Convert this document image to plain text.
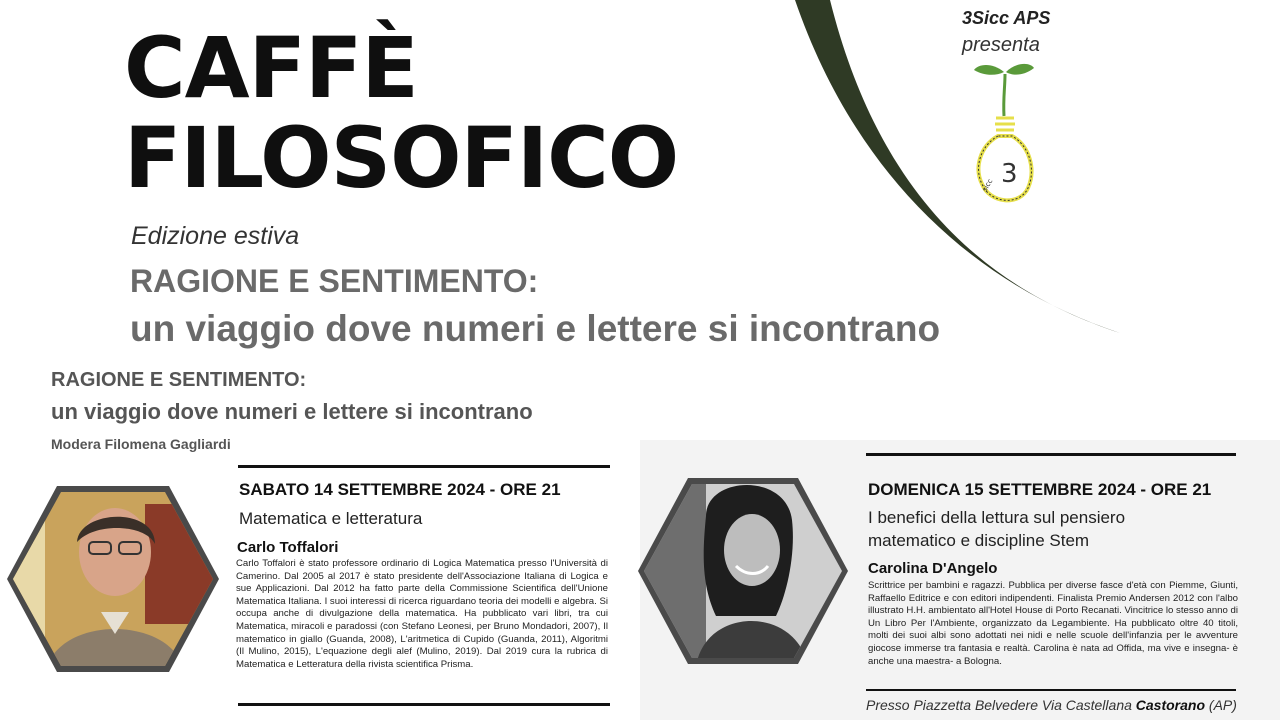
CAFFÈ
FILOSOFICO
Edizione estiva
RAGIONE E SENTIMENTO:
un viaggio dove numeri e lettere si incontrano
3Sicc APS
presenta
3
sicc
RAGIONE E SENTIMENTO:
un viaggio dove numeri e lettere si incontrano
Modera Filomena Gagliardi
SABATO 14 SETTEMBRE 2024 - ORE 21
Matematica e letteratura
Carlo Toffalori
Carlo Toffalori è stato professore ordinario di Logica Matematica presso l'Università di Camerino. Dal 2005 al 2017 è stato presidente dell'Associazione Italiana di Logica e sue Applicazioni. Dal 2012 ha fatto parte della Commissione Scientifica dell'Unione Matematica Italiana. I suoi interessi di ricerca riguardano teoria dei modelli e algebra. Si occupa anche di divulgazione della matematica. Ha pubblicato vari libri, tra cui Matematica, miracoli e paradossi (con Stefano Leonesi, per Bruno Mondadori, 2007), Il matematico in giallo (Guanda, 2008), L'aritmetica di Cupido (Guanda, 2011), Algoritmi (Il Mulino, 2015), L'equazione degli alef (Mulino, 2019). Dal 2019 cura la rubrica di Matematica e Letteratura della rivista scientifica Prisma.
DOMENICA 15 SETTEMBRE 2024 - ORE 21
I benefici della lettura sul pensiero matematico e discipline Stem
Carolina D'Angelo
Scrittrice per bambini e ragazzi. Pubblica per diverse fasce d'età con Piemme, Giunti, Raffaello Editrice e con editori indipendenti. Finalista Premio Andersen 2012 con l'albo illustrato H.H. ambientato all'Hotel House di Porto Recanati. Vincitrice lo stesso anno di Un Libro Per l'Ambiente, organizzato da Legambiente. Ha pubblicato oltre 40 titoli, molti dei suoi albi sono adottati nei nidi e nelle scuole dell'infanzia per le avventure giocose immerse tra fantasia e realtà. Carolina è nata ad Offida, ma vive e insegna- è anche una maestra- a Bologna.
Presso Piazzetta Belvedere Via Castellana Castorano (AP)
